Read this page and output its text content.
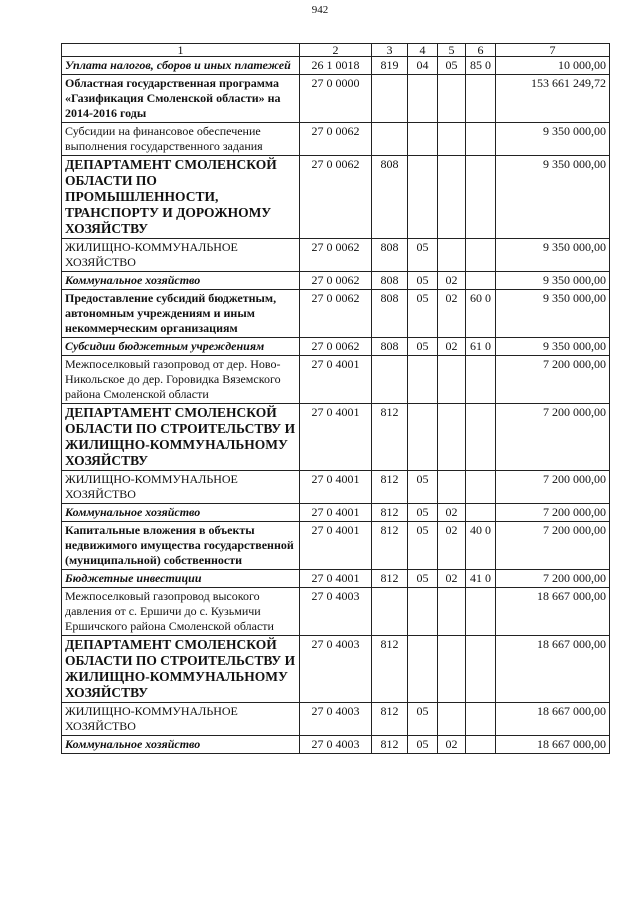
942
1	2	3	4	5	6	7
Уплата налогов, сборов и иных платежей	26 1 0018	819	04	05	85 0	10 000,00
Областная государственная программа «Газификация Смоленской области» на 2014-2016 годы	27 0 0000					153 661 249,72
Субсидии на финансовое обеспечение выполнения государственного задания	27 0 0062					9 350 000,00
ДЕПАРТАМЕНТ СМОЛЕНСКОЙ ОБЛАСТИ ПО ПРОМЫШЛЕННОСТИ, ТРАНСПОРТУ И ДОРОЖНОМУ ХОЗЯЙСТВУ	27 0 0062	808				9 350 000,00
ЖИЛИЩНО-КОММУНАЛЬНОЕ ХОЗЯЙСТВО	27 0 0062	808	05			9 350 000,00
Коммунальное хозяйство	27 0 0062	808	05	02		9 350 000,00
Предоставление субсидий бюджетным, автономным учреждениям и иным некоммерческим организациям	27 0 0062	808	05	02	60 0	9 350 000,00
Субсидии бюджетным учреждениям	27 0 0062	808	05	02	61 0	9 350 000,00
Межпоселковый газопровод от дер. Ново-Никольское до дер. Горовидка Вяземского района Смоленской области	27 0 4001					7 200 000,00
ДЕПАРТАМЕНТ СМОЛЕНСКОЙ ОБЛАСТИ ПО СТРОИТЕЛЬСТВУ И ЖИЛИЩНО-КОММУНАЛЬНОМУ ХОЗЯЙСТВУ	27 0 4001	812				7 200 000,00
ЖИЛИЩНО-КОММУНАЛЬНОЕ ХОЗЯЙСТВО	27 0 4001	812	05			7 200 000,00
Коммунальное хозяйство	27 0 4001	812	05	02		7 200 000,00
Капитальные вложения в объекты недвижимого имущества государственной (муниципальной) собственности	27 0 4001	812	05	02	40 0	7 200 000,00
Бюджетные инвестиции	27 0 4001	812	05	02	41 0	7 200 000,00
Межпоселковый газопровод высокого давления от с. Ершичи до с. Кузьмичи Ершичского района Смоленской области	27 0 4003					18 667 000,00
ДЕПАРТАМЕНТ СМОЛЕНСКОЙ ОБЛАСТИ ПО СТРОИТЕЛЬСТВУ И ЖИЛИЩНО-КОММУНАЛЬНОМУ ХОЗЯЙСТВУ	27 0 4003	812				18 667 000,00
ЖИЛИЩНО-КОММУНАЛЬНОЕ ХОЗЯЙСТВО	27 0 4003	812	05			18 667 000,00
Коммунальное хозяйство	27 0 4003	812	05	02		18 667 000,00
